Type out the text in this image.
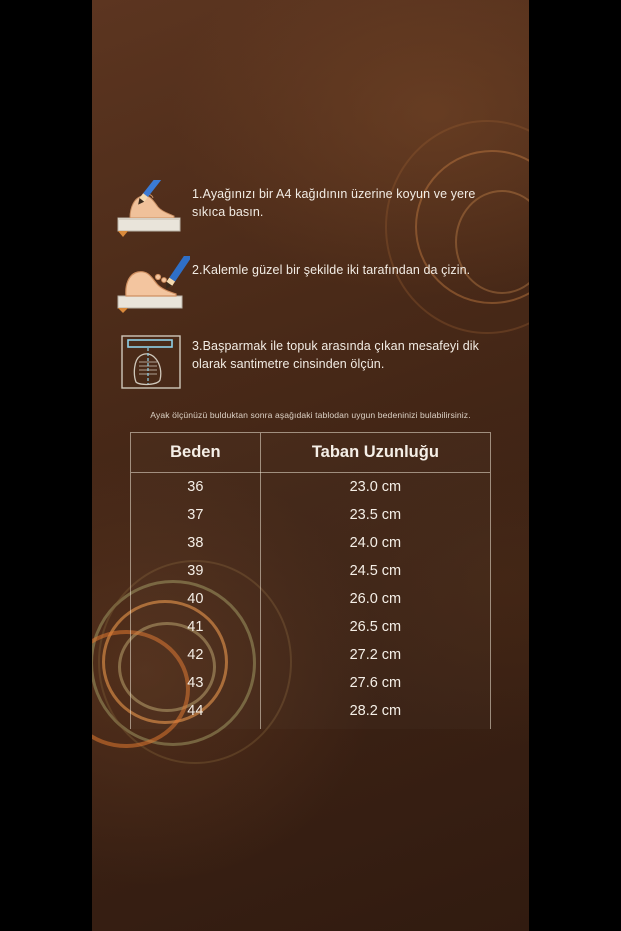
1.Ayağınızı bir A4 kağıdının üzerine koyun ve yere sıkıca basın.
2.Kalemle güzel bir şekilde iki tarafından da çizin.
3.Başparmak ile topuk arasında çıkan mesafeyi dik olarak santimetre cinsinden ölçün.
Ayak ölçünüzü bulduktan sonra aşağıdaki tablodan uygun bedeninizi bulabilirsiniz.
Beden	Taban Uzunluğu
36	23.0 cm
37	23.5 cm
38	24.0 cm
39	24.5 cm
40	26.0 cm
41	26.5 cm
42	27.2 cm
43	27.6 cm
44	28.2 cm
